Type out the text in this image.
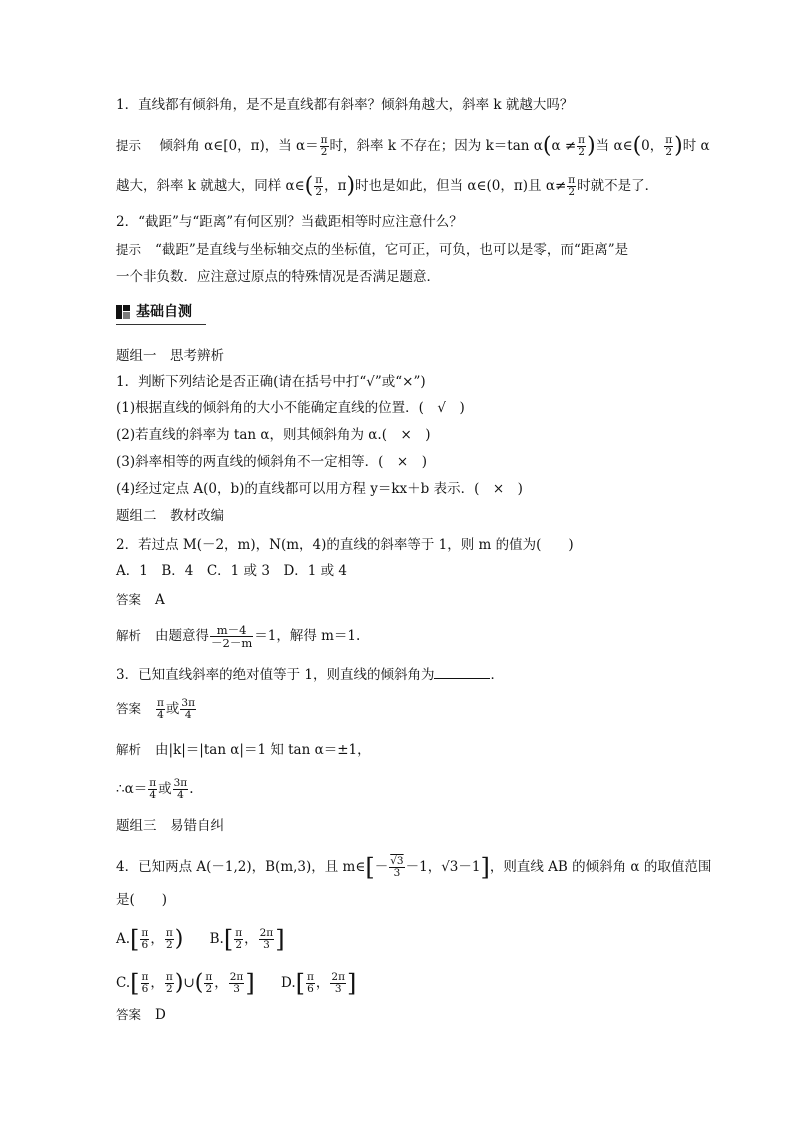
1．直线都有倾斜角，是不是直线都有斜率？倾斜角越大，斜率 k 就越大吗？
提示 倾斜角 α∈[0，π)，当 $\alpha= \frac{\pi}{2}$ 时，斜率 k 不存在；因为 k＝tan $\alpha(\alpha \ne \frac{\pi}{2}$ )当 α∈(0， $\frac{\pi}{2}$ )时 α
越大，斜率 k 就越大，同样 α∈( $\frac{\pi}{2}$ ，π)时也是如此，但当 α∈(0，π)且 $\alpha\ne \frac{\pi}{2}$ 时就不是了．
2．“截距”与“距离”有何区别？当截距相等时应注意什么？
提示 “截距”是直线与坐标轴交点的坐标值，它可正，可负，也可以是零，而“距离”是
一个非负数．应注意过原点的特殊情况是否满足题意．
基础自测
题组一　思考辨析
1．判断下列结论是否正确(请在括号中打“√”或“×”)
(1)根据直线的倾斜角的大小不能确定直线的位置．(　√　)
(2)若直线的斜率为 tan α，则其倾斜角为 α.(　×　)
(3)斜率相等的两直线的倾斜角不一定相等．(　×　)
(4)经过定点 A(0，b)的直线都可以用方程 y＝kx＋b 表示．(　×　)
题组二　教材改编
2．若过点 M(－2，m)，N(m，4)的直线的斜率等于 1，则 m 的值为(　　)
A．1　B．4　C．1 或 3　D．1 或 4
答案 A
解析 由题意得 $\frac{m-4}{-2-m} =1$，解得 m＝1.
3．已知直线斜率的绝对值等于 1，则直线的倾斜角为	．
答案 $\frac{\pi}{4}$ 或 $\frac{3\pi}{4}$
解析 由|k|＝|tan α|＝1 知 tan α＝±1，
∴α＝ $\frac{\pi}{4}$ 或 $\frac{3\pi}{4}$ .
题组三　易错自纠
4．已知两点 A(－1,2)，B(m,3)，且 m∈[－ $\frac{√3}{3} -1$，√3－1]，则直线 AB 的倾斜角 α 的取值范围
是(　　)
$A.[ \frac{\pi}{6}$ ， $\frac{\pi}{2}$ ) $B.[ \frac{\pi}{2}$ ， $\frac{2\pi}{3}$ ]
$C.[ \frac{\pi}{6}$ ， $\frac{\pi}{2}$ )∪( $\frac{\pi}{2}$ ， $\frac{2\pi}{3}$ ] $D.[ \frac{\pi}{6}$ ， $\frac{2\pi}{3}$ ]
答案 D
